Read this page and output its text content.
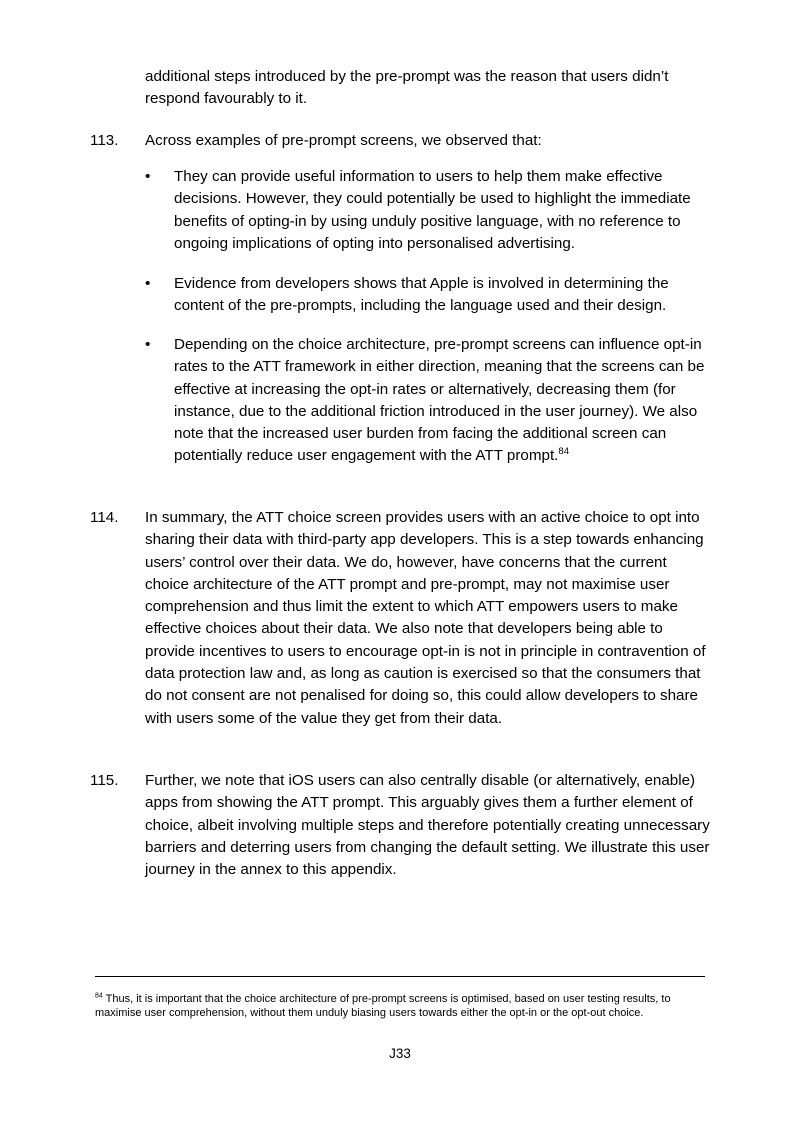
additional steps introduced by the pre-prompt was the reason that users didn’t respond favourably to it.

113.	Across examples of pre-prompt screens, we observed that:
•	They can provide useful information to users to help them make effective decisions. However, they could potentially be used to highlight the immediate benefits of opting-in by using unduly positive language, with no reference to ongoing implications of opting into personalised advertising.
•	Evidence from developers shows that Apple is involved in determining the content of the pre-prompts, including the language used and their design.
•	Depending on the choice architecture, pre-prompt screens can influence opt-in rates to the ATT framework in either direction, meaning that the screens can be effective at increasing the opt-in rates or alternatively, decreasing them (for instance, due to the additional friction introduced in the user journey). We also note that the increased user burden from facing the additional screen can potentially reduce user engagement with the ATT prompt.$^{84}$
114.	In summary, the ATT choice screen provides users with an active choice to opt into sharing their data with third-party app developers. This is a step towards enhancing users’ control over their data. We do, however, have concerns that the current choice architecture of the ATT prompt and pre-prompt, may not maximise user comprehension and thus limit the extent to which ATT empowers users to make effective choices about their data. We also note that developers being able to provide incentives to users to encourage opt-in is not in principle in contravention of data protection law and, as long as caution is exercised so that the consumers that do not consent are not penalised for doing so, this could allow developers to share with users some of the value they get from their data.
115.	Further, we note that iOS users can also centrally disable (or alternatively, enable) apps from showing the ATT prompt. This arguably gives them a further element of choice, albeit involving multiple steps and therefore potentially creating unnecessary barriers and deterring users from changing the default setting. We illustrate this user journey in the annex to this appendix.

$^{84}$ Thus, it is important that the choice architecture of pre-prompt screens is optimised, based on user testing results, to maximise user comprehension, without them unduly biasing users towards either the opt-in or the opt-out choice.

J33
